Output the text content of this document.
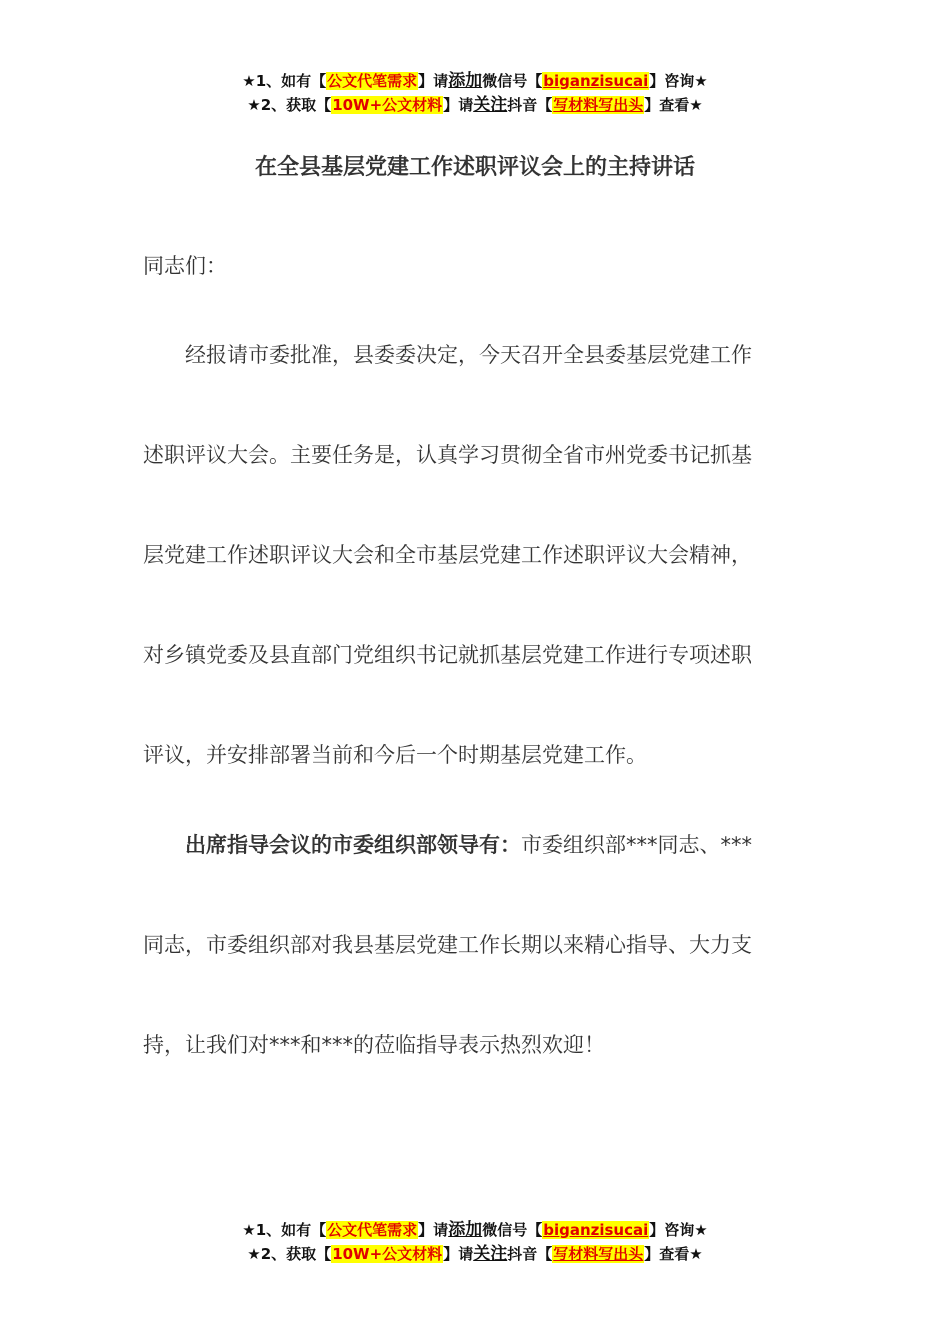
★1、如有【公文代笔需求】请添加微信号【biganzisucai】咨询★
★2、获取【10W+公文材料】请关注抖音【写材料写出头】查看★
在全县基层党建工作述职评议会上的主持讲话

同志们：

经报请市委批准，县委委决定，今天召开全县委基层党建工作
述职评议大会。主要任务是，认真学习贯彻全省市州党委书记抓基
层党建工作述职评议大会和全市基层党建工作述职评议大会精神，
对乡镇党委及县直部门党组织书记就抓基层党建工作进行专项述职
评议，并安排部署当前和今后一个时期基层党建工作。
出席指导会议的市委组织部领导有：市委组织部***同志、***
同志，市委组织部对我县基层党建工作长期以来精心指导、大力支
持，让我们对***和***的莅临指导表示热烈欢迎！
★1、如有【公文代笔需求】请添加微信号【biganzisucai】咨询★
★2、获取【10W+公文材料】请关注抖音【写材料写出头】查看★
